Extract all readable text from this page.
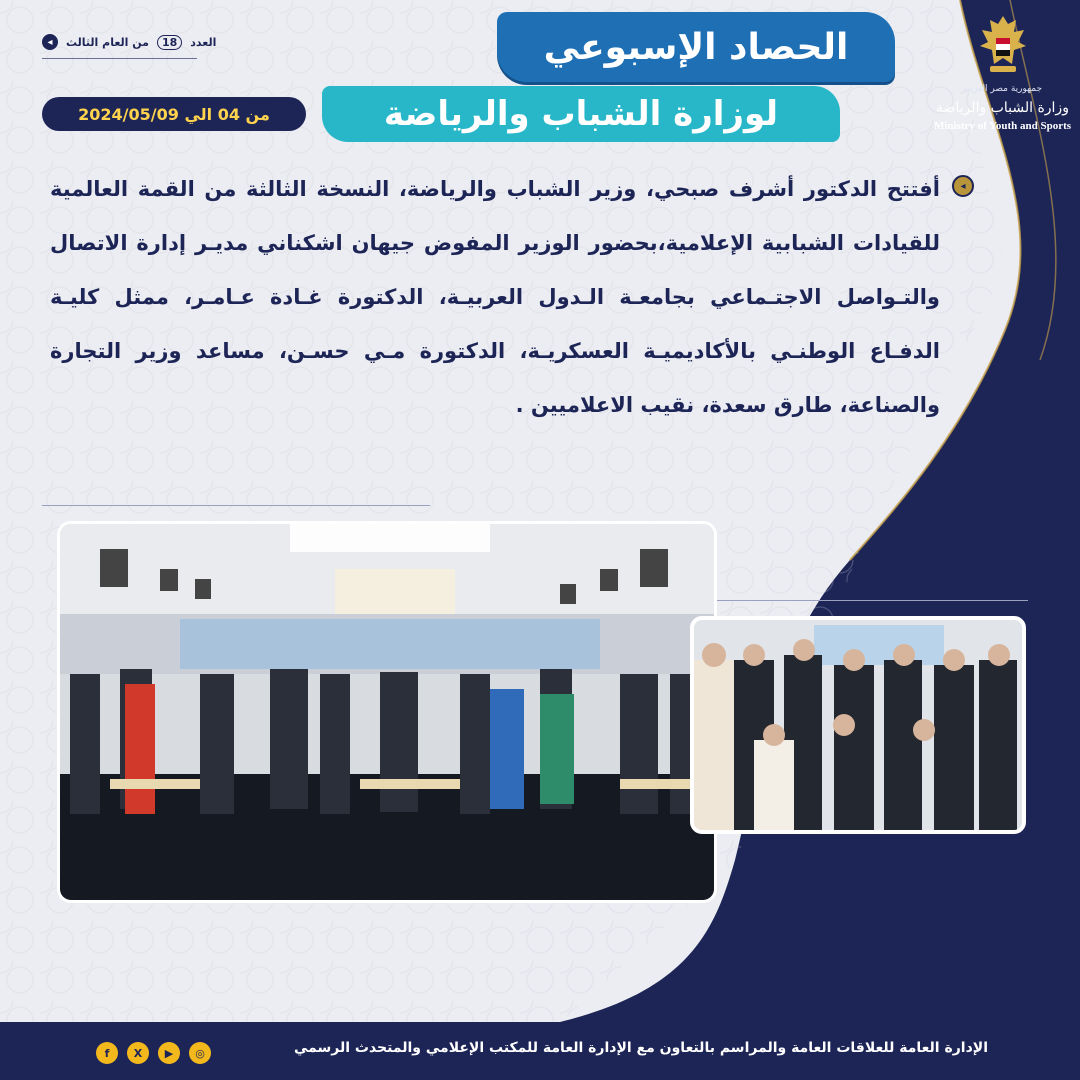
جمهورية مصر العربية
وزارة الشباب والرياضة
Ministry of Youth and Sports
الحصاد الإسبوعي
لوزارة الشباب والرياضة
العدد
18
من العام الثالث
◂
من 04 الي 2024/05/09
◂
أفتتح الدكتور أشرف صبحي، وزير الشباب والرياضة، النسخة الثالثة من القمة العالمية للقيادات الشبابية الإعلامية،بحضور الوزير المفوض جيهان اشكناني مديـر إدارة الاتصال والتـواصل الاجتـماعي بجامعـة الـدول العربيـة، الدكتورة غـادة عـامـر، ممثل كليـة الدفـاع الوطنـي بالأكاديميـة العسكريـة، الدكتورة مـي حسـن، مساعد وزير التجارة والصناعة، طارق سعدة، نقيب الاعلاميين .
الإدارة العامة للعلاقات العامة والمراسم بالتعاون مع الإدارة العامة للمكتب الإعلامي والمتحدث الرسمي
◎
▶
X
f
